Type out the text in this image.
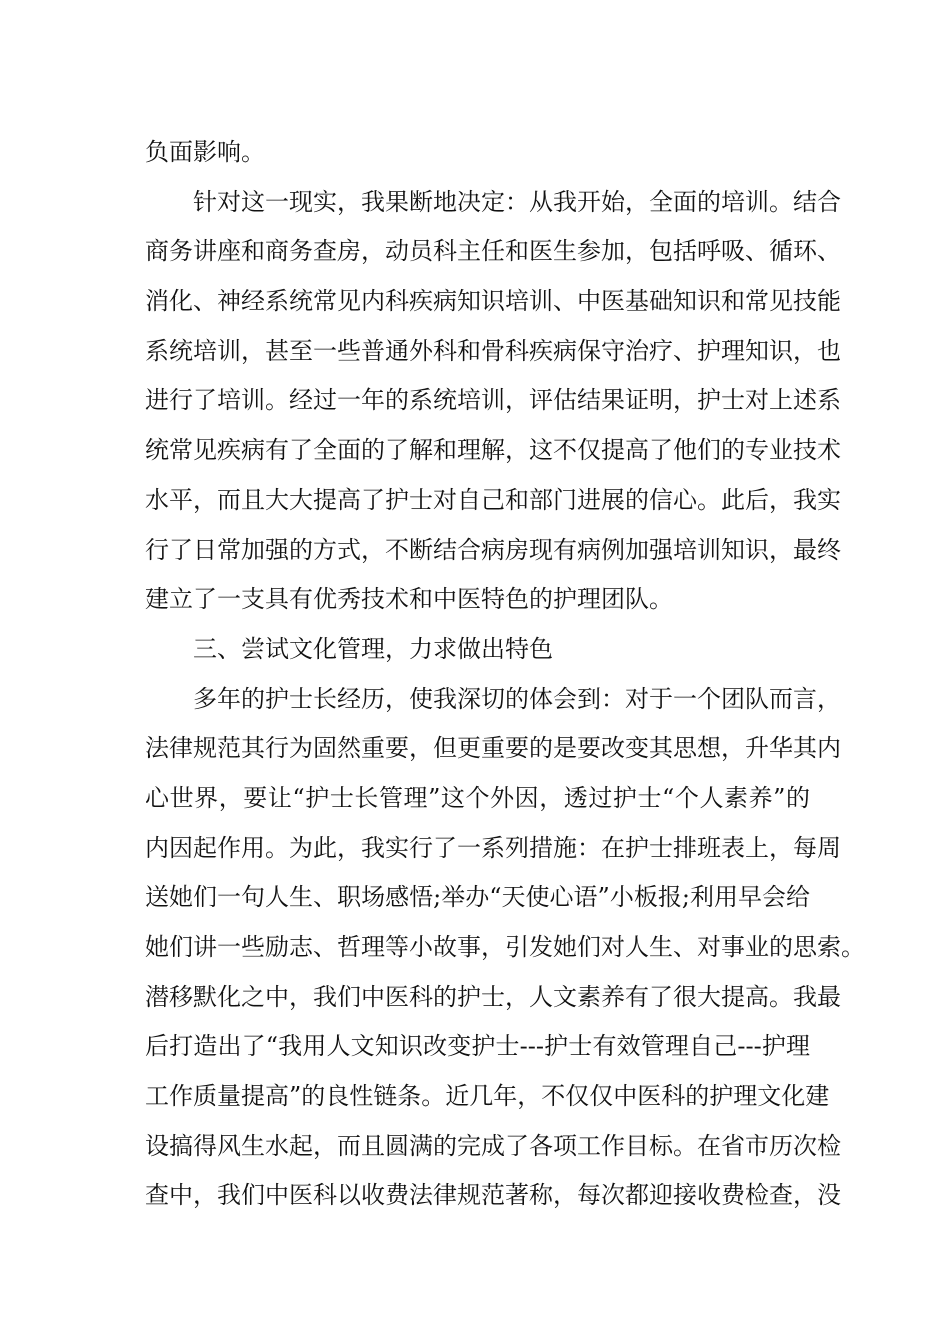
负面影响。
针对这一现实，我果断地决定：从我开始，全面的培训。结合
商务讲座和商务查房，动员科主任和医生参加，包括呼吸、循环、
消化、神经系统常见内科疾病知识培训、中医基础知识和常见技能
系统培训，甚至一些普通外科和骨科疾病保守治疗、护理知识，也
进行了培训。经过一年的系统培训，评估结果证明，护士对上述系
统常见疾病有了全面的了解和理解，这不仅提高了他们的专业技术
水平，而且大大提高了护士对自己和部门进展的信心。此后，我实
行了日常加强的方式，不断结合病房现有病例加强培训知识，最终
建立了一支具有优秀技术和中医特色的护理团队。
三、尝试文化管理，力求做出特色
多年的护士长经历，使我深切的体会到：对于一个团队而言，
法律规范其行为固然重要，但更重要的是要改变其思想，升华其内
心世界，要让“护士长管理”这个外因，透过护士“个人素养”的
内因起作用。为此，我实行了一系列措施：在护士排班表上，每周
送她们一句人生、职场感悟;举办“天使心语”小板报;利用早会给
她们讲一些励志、哲理等小故事，引发她们对人生、对事业的思索。
潜移默化之中，我们中医科的护士，人文素养有了很大提高。我最
后打造出了“我用人文知识改变护士---护士有效管理自己---护理
工作质量提高”的良性链条。近几年，不仅仅中医科的护理文化建
设搞得风生水起，而且圆满的完成了各项工作目标。在省市历次检
查中，我们中医科以收费法律规范著称，每次都迎接收费检查，没
